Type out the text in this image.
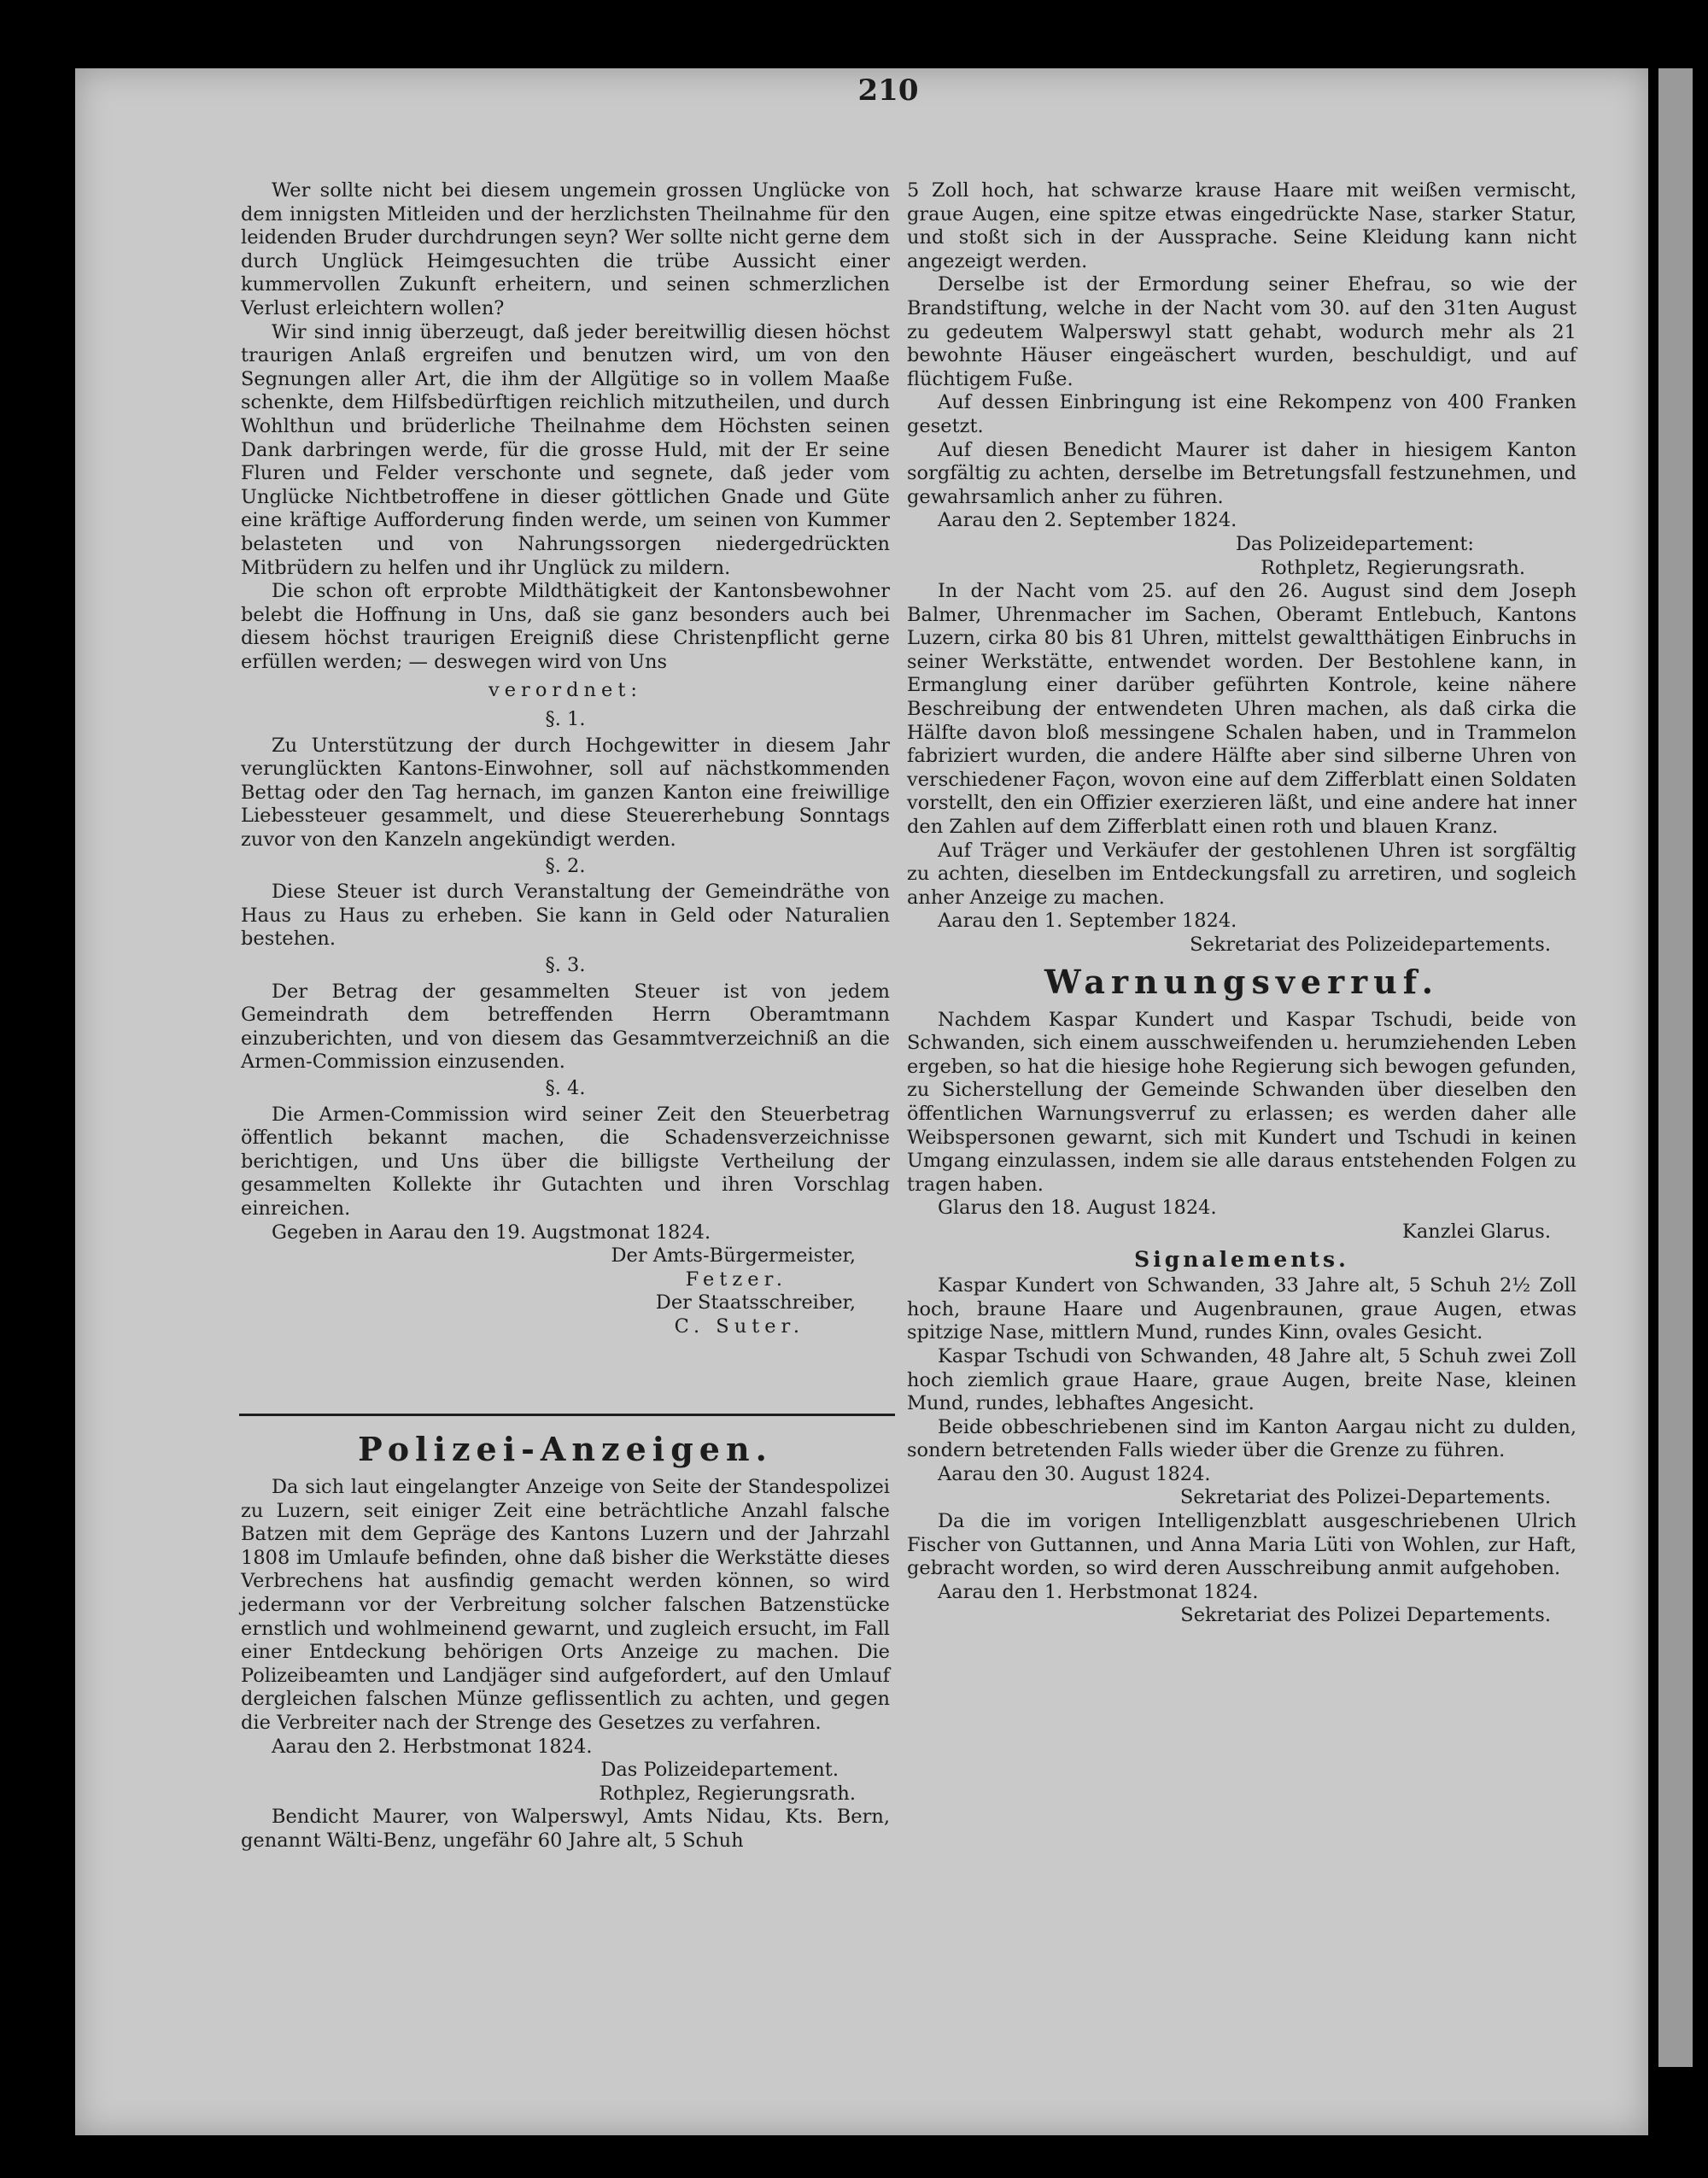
210

Wer sollte nicht bei diesem ungemein grossen Unglücke von dem innigsten Mitleiden und der herzlichsten Theilnahme für den leidenden Bruder durchdrungen seyn? Wer sollte nicht gerne dem durch Unglück Heimgesuchten die trübe Aussicht einer kummervollen Zukunft erheitern, und seinen schmerzlichen Verlust erleichtern wollen?

Wir sind innig überzeugt, daß jeder bereitwillig diesen höchst traurigen Anlaß ergreifen und benutzen wird, um von den Segnungen aller Art, die ihm der Allgütige so in vollem Maaße schenkte, dem Hilfsbedürftigen reichlich mitzutheilen, und durch Wohlthun und brüderliche Theilnahme dem Höchsten seinen Dank darbringen werde, für die grosse Huld, mit der Er seine Fluren und Felder verschonte und segnete, daß jeder vom Unglücke Nichtbetroffene in dieser göttlichen Gnade und Güte eine kräftige Aufforderung finden werde, um seinen von Kummer belasteten und von Nahrungssorgen niedergedrückten Mitbrüdern zu helfen und ihr Unglück zu mildern.

Die schon oft erprobte Mildthätigkeit der Kantonsbewohner belebt die Hoffnung in Uns, daß sie ganz besonders auch bei diesem höchst traurigen Ereigniß diese Christenpflicht gerne erfüllen werden; — deswegen wird von Uns

verordnet:

§. 1.

Zu Unterstützung der durch Hochgewitter in diesem Jahr verunglückten Kantons-Einwohner, soll auf nächstkommenden Bettag oder den Tag hernach, im ganzen Kanton eine freiwillige Liebessteuer gesammelt, und diese Steuererhebung Sonntags zuvor von den Kanzeln angekündigt werden.

§. 2.

Diese Steuer ist durch Veranstaltung der Gemeindräthe von Haus zu Haus zu erheben. Sie kann in Geld oder Naturalien bestehen.

§. 3.

Der Betrag der gesammelten Steuer ist von jedem Gemeindrath dem betreffenden Herrn Oberamtmann einzuberichten, und von diesem das Gesammtverzeichniß an die Armen-Commission einzusenden.

§. 4.

Die Armen-Commission wird seiner Zeit den Steuerbetrag öffentlich bekannt machen, die Schadensverzeichnisse berichtigen, und Uns über die billigste Vertheilung der gesammelten Kollekte ihr Gutachten und ihren Vorschlag einreichen.

Gegeben in Aarau den 19. Augstmonat 1824.

Der Amts-Bürgermeister,

Fetzer.

Der Staatsschreiber,

C. Suter.

Polizei-Anzeigen.

Da sich laut eingelangter Anzeige von Seite der Standespolizei zu Luzern, seit einiger Zeit eine beträchtliche Anzahl falsche Batzen mit dem Gepräge des Kantons Luzern und der Jahrzahl 1808 im Umlaufe befinden, ohne daß bisher die Werkstätte dieses Verbrechens hat ausfindig gemacht werden können, so wird jedermann vor der Verbreitung solcher falschen Batzenstücke ernstlich und wohlmeinend gewarnt, und zugleich ersucht, im Fall einer Entdeckung behörigen Orts Anzeige zu machen. Die Polizeibeamten und Landjäger sind aufgefordert, auf den Umlauf dergleichen falschen Münze geflissentlich zu achten, und gegen die Verbreiter nach der Strenge des Gesetzes zu verfahren.

Aarau den 2. Herbstmonat 1824.

Das Polizeidepartement.

Rothplez, Regierungsrath.

Bendicht Maurer, von Walperswyl, Amts Nidau, Kts. Bern, genannt Wälti-Benz, ungefähr 60 Jahre alt, 5 Schuh

5 Zoll hoch, hat schwarze krause Haare mit weißen vermischt, graue Augen, eine spitze etwas eingedrückte Nase, starker Statur, und stoßt sich in der Aussprache. Seine Kleidung kann nicht angezeigt werden.

Derselbe ist der Ermordung seiner Ehefrau, so wie der Brandstiftung, welche in der Nacht vom 30. auf den 31ten August zu gedeutem Walperswyl statt gehabt, wodurch mehr als 21 bewohnte Häuser eingeäschert wurden, beschuldigt, und auf flüchtigem Fuße.

Auf dessen Einbringung ist eine Rekompenz von 400 Franken gesetzt.

Auf diesen Benedicht Maurer ist daher in hiesigem Kanton sorgfältig zu achten, derselbe im Betretungsfall festzunehmen, und gewahrsamlich anher zu führen.

Aarau den 2. September 1824.

Das Polizeidepartement:

Rothpletz, Regierungsrath.

In der Nacht vom 25. auf den 26. August sind dem Joseph Balmer, Uhrenmacher im Sachen, Oberamt Entlebuch, Kantons Luzern, cirka 80 bis 81 Uhren, mittelst gewaltthätigen Einbruchs in seiner Werkstätte, entwendet worden. Der Bestohlene kann, in Ermanglung einer darüber geführten Kontrole, keine nähere Beschreibung der entwendeten Uhren machen, als daß cirka die Hälfte davon bloß messingene Schalen haben, und in Trammelon fabriziert wurden, die andere Hälfte aber sind silberne Uhren von verschiedener Façon, wovon eine auf dem Zifferblatt einen Soldaten vorstellt, den ein Offizier exerzieren läßt, und eine andere hat inner den Zahlen auf dem Zifferblatt einen roth und blauen Kranz.

Auf Träger und Verkäufer der gestohlenen Uhren ist sorgfältig zu achten, dieselben im Entdeckungsfall zu arretiren, und sogleich anher Anzeige zu machen.

Aarau den 1. September 1824.

Sekretariat des Polizeidepartements.

Warnungsverruf.

Nachdem Kaspar Kundert und Kaspar Tschudi, beide von Schwanden, sich einem ausschweifenden u. herumziehenden Leben ergeben, so hat die hiesige hohe Regierung sich bewogen gefunden, zu Sicherstellung der Gemeinde Schwanden über dieselben den öffentlichen Warnungsverruf zu erlassen; es werden daher alle Weibspersonen gewarnt, sich mit Kundert und Tschudi in keinen Umgang einzulassen, indem sie alle daraus entstehenden Folgen zu tragen haben.

Glarus den 18. August 1824.

Kanzlei Glarus.

Signalements.

Kaspar Kundert von Schwanden, 33 Jahre alt, 5 Schuh 2½ Zoll hoch, braune Haare und Augenbraunen, graue Augen, etwas spitzige Nase, mittlern Mund, rundes Kinn, ovales Gesicht.

Kaspar Tschudi von Schwanden, 48 Jahre alt, 5 Schuh zwei Zoll hoch ziemlich graue Haare, graue Augen, breite Nase, kleinen Mund, rundes, lebhaftes Angesicht.

Beide obbeschriebenen sind im Kanton Aargau nicht zu dulden, sondern betretenden Falls wieder über die Grenze zu führen.

Aarau den 30. August 1824.

Sekretariat des Polizei-Departements.

Da die im vorigen Intelligenzblatt ausgeschriebenen Ulrich Fischer von Guttannen, und Anna Maria Lüti von Wohlen, zur Haft, gebracht worden, so wird deren Ausschreibung anmit aufgehoben.

Aarau den 1. Herbstmonat 1824.

Sekretariat des Polizei Departements.
